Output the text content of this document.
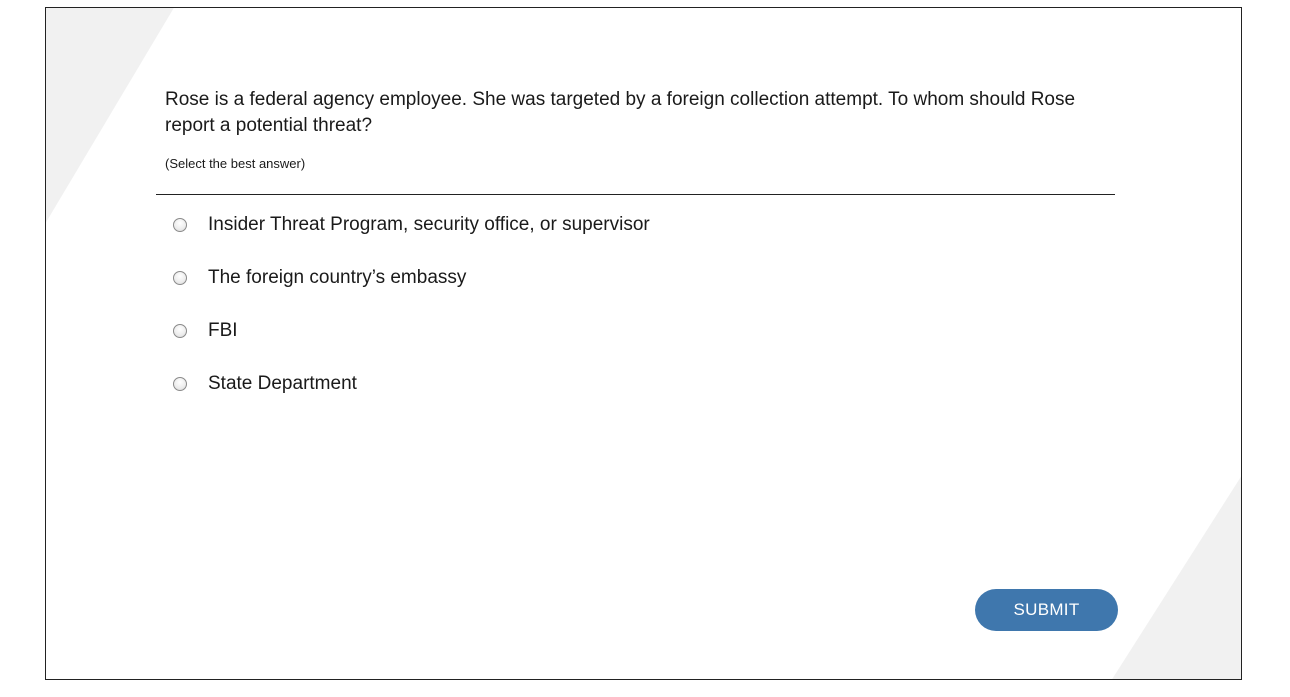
Rose is a federal agency employee. She was targeted by a foreign collection attempt. To whom should Rose report a potential threat?

(Select the best answer)
Insider Threat Program, security office, or supervisor
The foreign country’s embassy
FBI
State Department
SUBMIT
